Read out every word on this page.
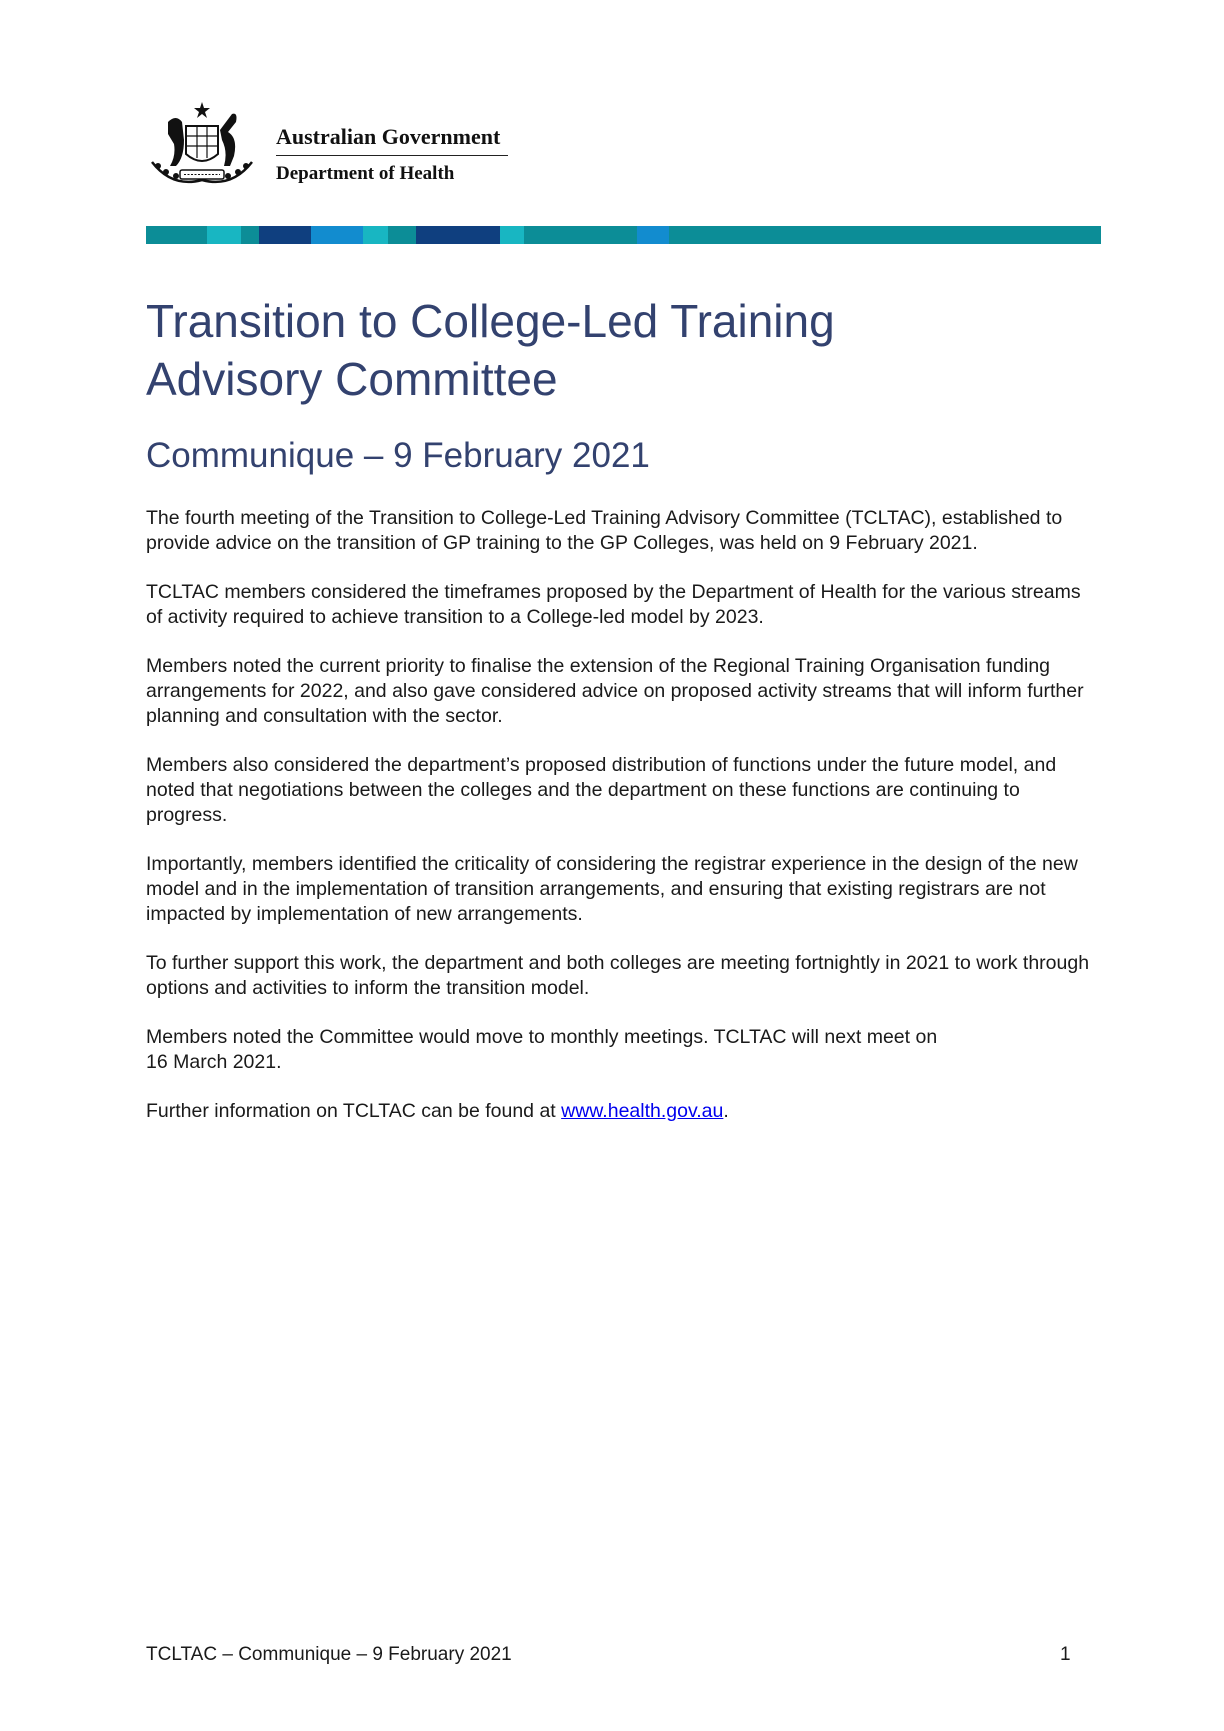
Australian Government
Department of Health
Transition to College-Led Training
Advisory Committee
Communique – 9 February 2021

The fourth meeting of the Transition to College-Led Training Advisory Committee (TCLTAC), established to provide advice on the transition of GP training to the GP Colleges, was held on 9 February 2021.

TCLTAC members considered the timeframes proposed by the Department of Health for the various streams of activity required to achieve transition to a College-led model by 2023.

Members noted the current priority to finalise the extension of the Regional Training Organisation funding arrangements for 2022, and also gave considered advice on proposed activity streams that will inform further planning and consultation with the sector.

Members also considered the department’s proposed distribution of functions under the future model, and noted that negotiations between the colleges and the department on these functions are continuing to progress.

Importantly, members identified the criticality of considering the registrar experience in the design of the new model and in the implementation of transition arrangements, and ensuring that existing registrars are not impacted by implementation of new arrangements.

To further support this work, the department and both colleges are meeting fortnightly in 2021 to work through options and activities to inform the transition model.

Members noted the Committee would move to monthly meetings. TCLTAC will next meet on
16 March 2021.

Further information on TCLTAC can be found at www.health.gov.au.

TCLTAC – Communique – 9 February 2021	1
